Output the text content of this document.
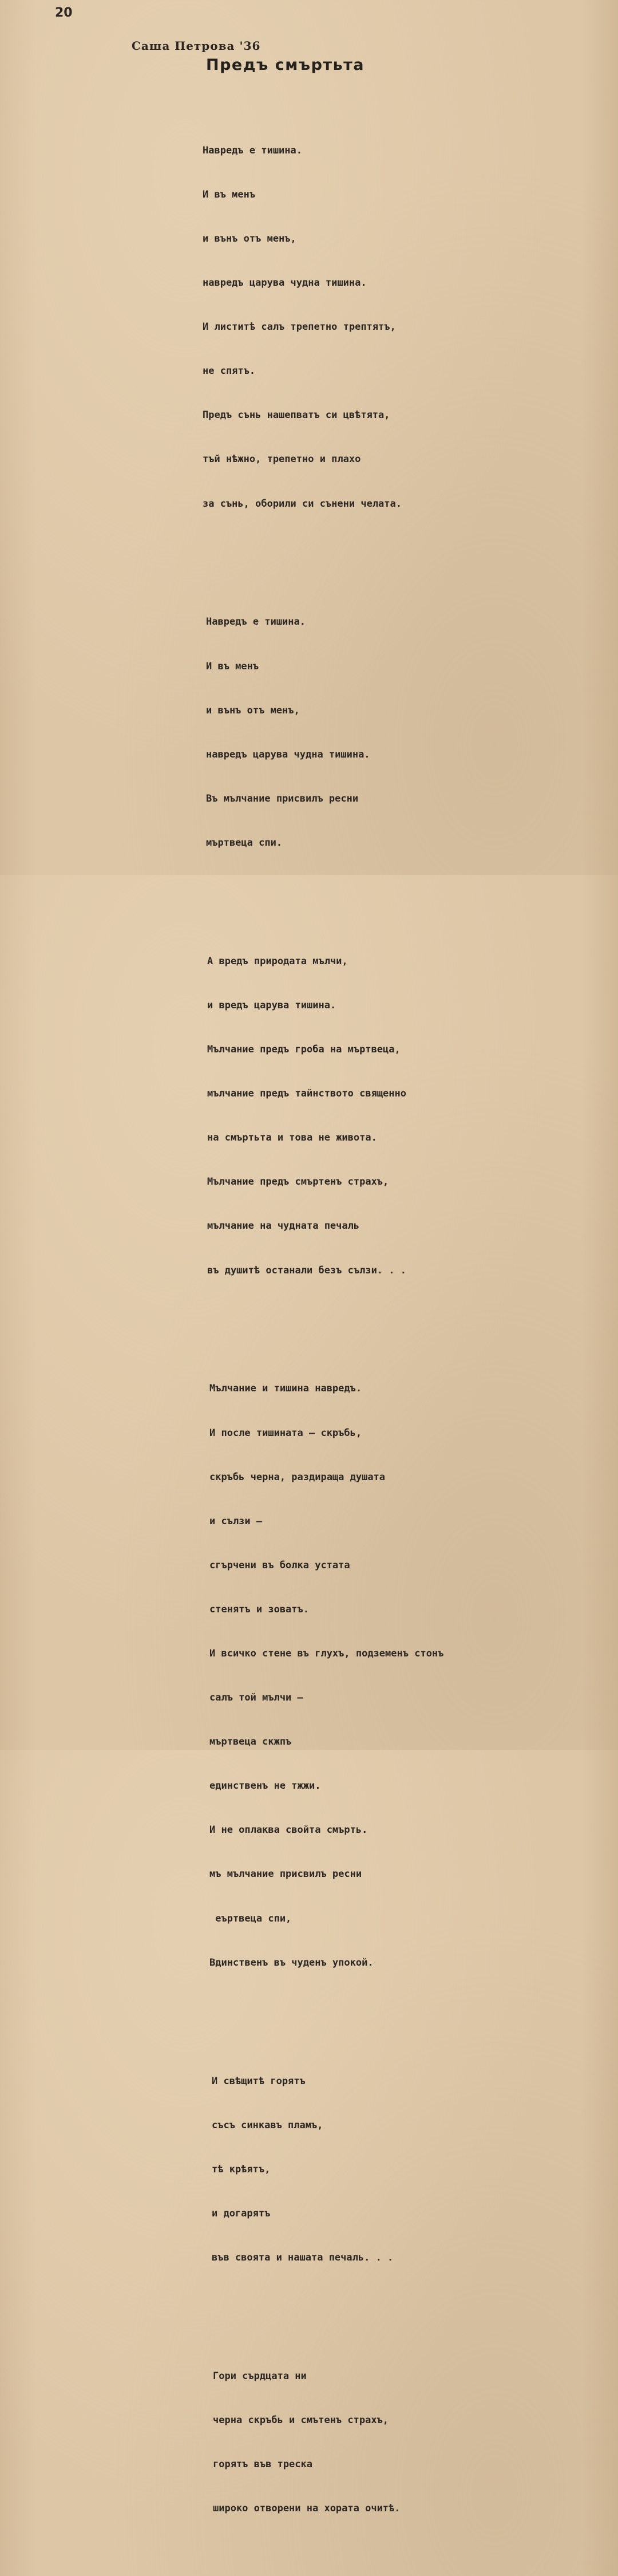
20
Саша Петрова '36
Предъ смъртьта

Навредъ е тишина.

И въ менъ

и вънъ отъ менъ,

навредъ царува чудна тишина.

И листитѣ салъ трепетно трептятъ,

не спятъ.

Предъ сънь нашепватъ си цвѣтята,

тъй нѣжно, трепетно и плахо

за сънь, оборили си сънени челата.

Навредъ е тишина.

И въ менъ

и вънъ отъ менъ,

навредъ царува чудна тишина.

Въ мълчание присвилъ ресни

мъртвеца спи.

А вредъ природата мълчи,

и вредъ царува тишина.

Мълчание предъ гроба на мъртвеца,

мълчание предъ тайнството священно

на смъртьта и това не живота.

Мълчание предъ смъртенъ страхъ,

мълчание на чудната печаль

въ душитѣ останали безъ сълзи. . .

Мълчание и тишина навредъ.

И после тишината — скръбь,

скръбь черна, раздираща душата

и сълзи —

сгърчени въ болка устата

стенятъ и зоватъ.

И всичко стене въ глухъ, подземенъ стонъ

салъ той мълчи —

мъртвеца скжпъ

единственъ не тжжи.

И не оплаква свойта смърть.

мъ мълчание присвилъ ресни

еъртвеца спи,

Вдинственъ въ чуденъ упокой.

И свѣщитѣ горятъ

съсъ синкавъ пламъ,

тѣ крѣятъ,

и догарятъ

във своята и нашата печаль. . .

Гори сърдцата ни

черна скръбь и смътенъ страхъ,

горятъ във треска

широко отворени на хората очитѣ.
